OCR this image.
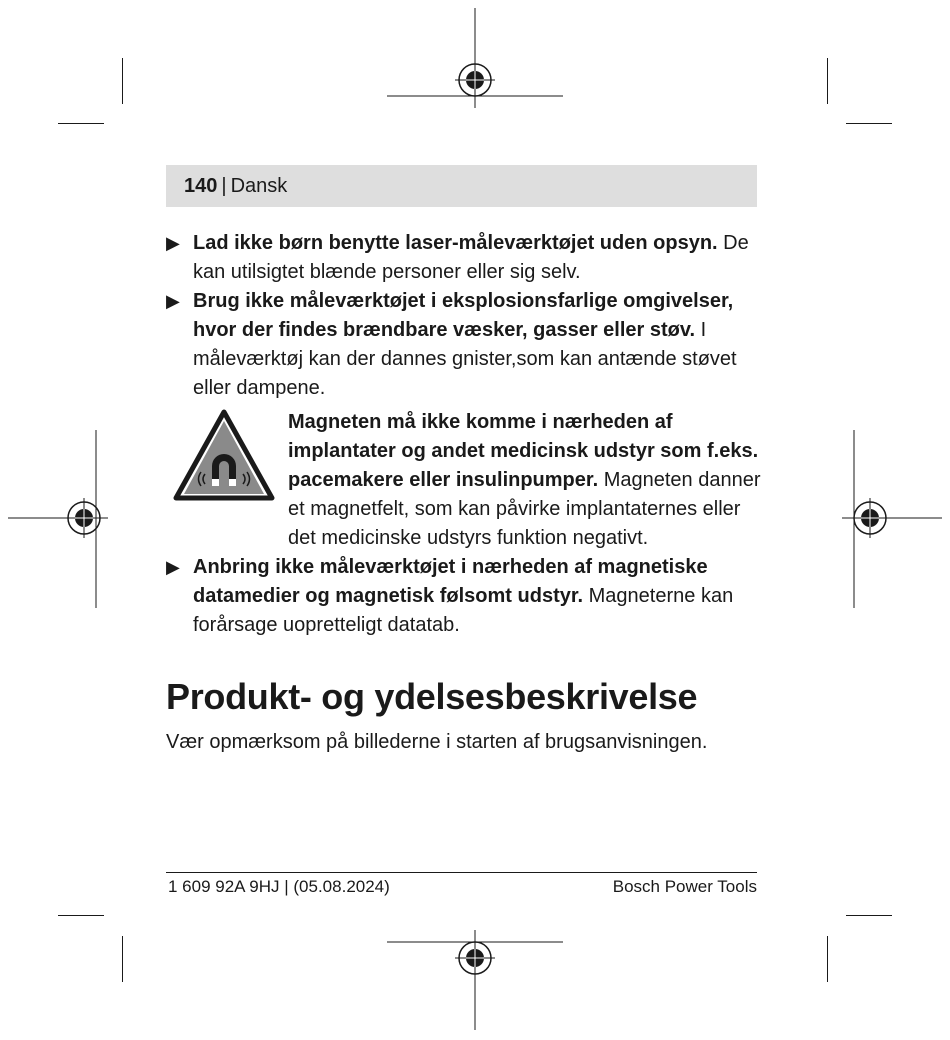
140 | Dansk
▶ Lad ikke børn benytte laser-måleværktøjet uden opsyn. De kan utilsigtet blænde personer eller sig selv.
▶ Brug ikke måleværktøjet i eksplosionsfarlige omgivelser, hvor der findes brændbare væsker, gasser eller støv. I måleværktøj kan der dannes gnister,som kan antænde støvet eller dampene.
Magneten må ikke komme i nærheden af implantater og andet medicinsk udstyr som f.eks. pacemakere eller insulinpumper. Magneten danner et magnetfelt, som kan påvirke implantaternes eller det medicinske udstyrs funktion negativt.
▶ Anbring ikke måleværktøjet i nærheden af magnetiske datamedier og magnetisk følsomt udstyr. Magneterne kan forårsage uopretteligt datatab.
Produkt- og ydelsesbeskrivelse
Vær opmærksom på billederne i starten af brugsanvisningen.
1 609 92A 9HJ | (05.08.2024)	Bosch Power Tools
